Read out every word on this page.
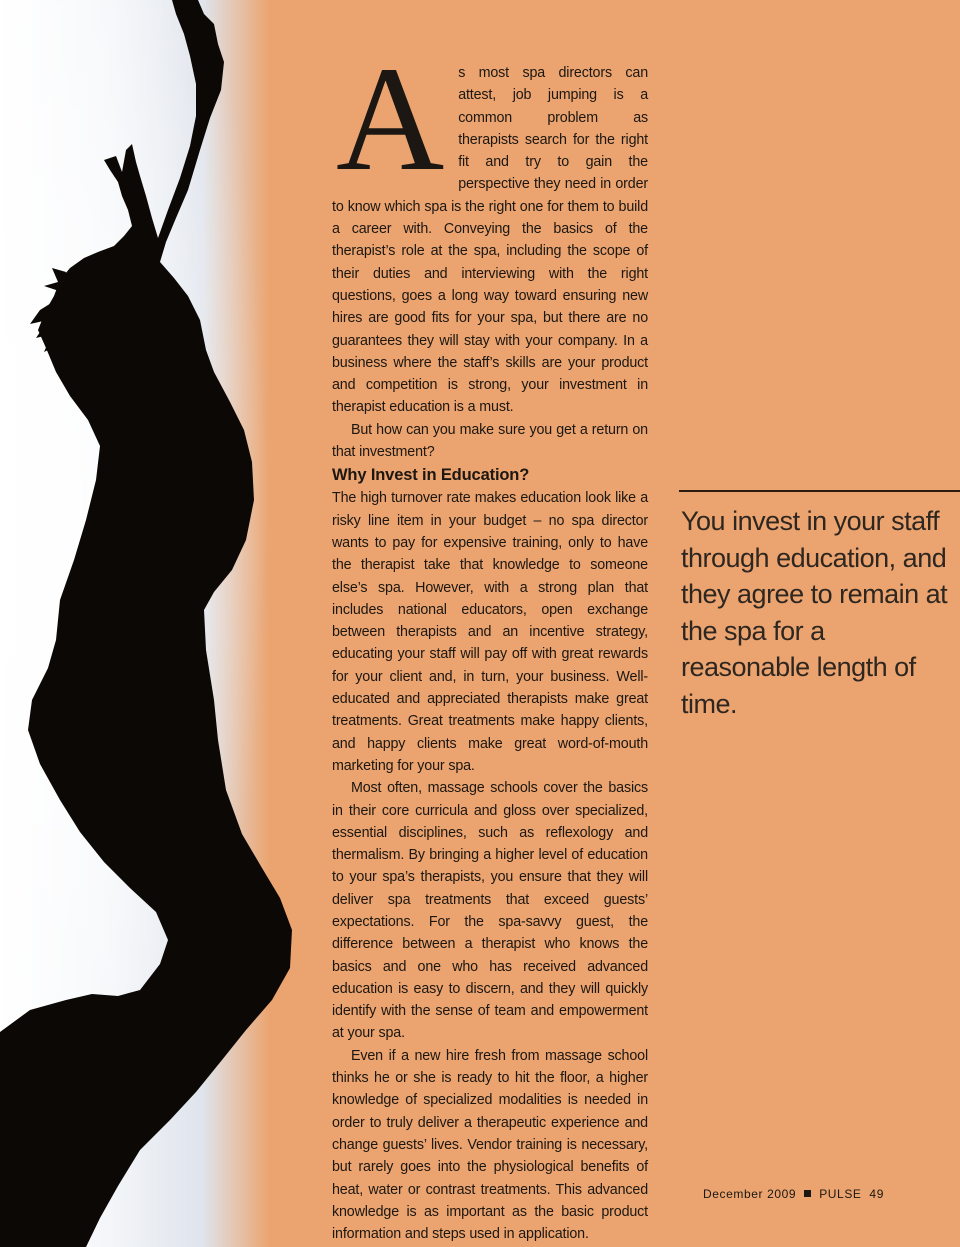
As most spa directors can attest, job jumping is a common problem as therapists search for the right fit and try to gain the perspective they need in order to know which spa is the right one for them to build a career with. Conveying the basics of the therapist’s role at the spa, including the scope of their duties and interviewing with the right questions, goes a long way toward ensuring new hires are good fits for your spa, but there are no guarantees they will stay with your company. In a business where the staff’s skills are your product and competition is strong, your investment in therapist education is a must.

But how can you make sure you get a return on that investment?

Why Invest in Education?

The high turnover rate makes education look like a risky line item in your budget – no spa director wants to pay for expensive training, only to have the therapist take that knowledge to someone else’s spa. However, with a strong plan that includes national educators, open exchange between therapists and an incentive strategy, educating your staff will pay off with great rewards for your client and, in turn, your business. Well-educated and appreciated therapists make great treatments. Great treatments make happy clients, and happy clients make great word-of-mouth marketing for your spa.

Most often, massage schools cover the basics in their core curricula and gloss over specialized, essential disciplines, such as reflexology and thermalism. By bringing a higher level of education to your spa’s therapists, you ensure that they will deliver spa treatments that exceed guests’ expectations. For the spa-savvy guest, the difference between a therapist who knows the basics and one who has received advanced education is easy to discern, and they will quickly identify with the sense of team and empowerment at your spa.

Even if a new hire fresh from massage school thinks he or she is ready to hit the floor, a higher knowledge of specialized modalities is needed in order to truly deliver a therapeutic experience and change guests’ lives. Vendor training is necessary, but rarely goes into the physiological benefits of heat, water or contrast treatments. This advanced knowledge is as important as the basic product information and steps used in application.

You invest in your staff through education, and they agree to remain at the spa for a reasonable length of time.
December 2009 PULSE 49
